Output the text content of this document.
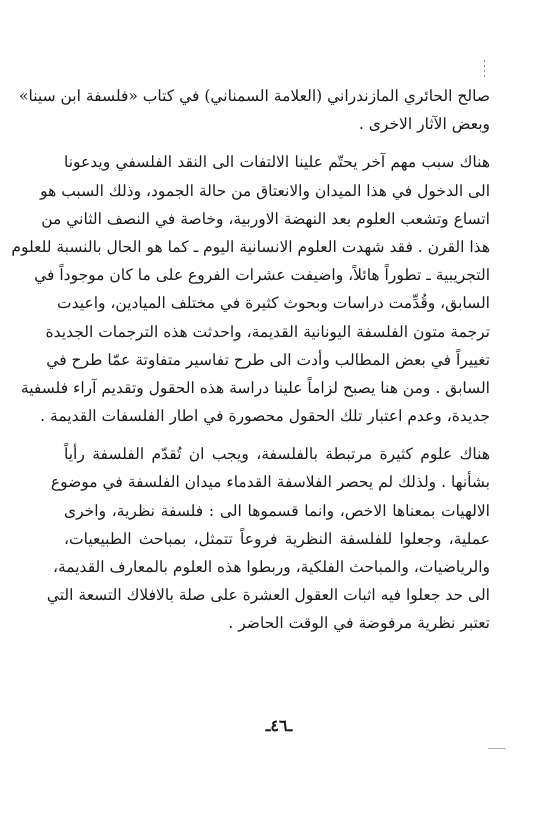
صالح الحائري المازندراني (العلامة السمناني) في كتاب «فلسفة ابن سينا»
وبعض الآثار الاخرى .
هناك سبب مهم آخر يحتّم علينا الالتفات الى النقد الفلسفي ويدعونا
الى الدخول في هذا الميدان والانعتاق من حالة الجمود، وذلك السبب هو
اتساع وتشعب العلوم بعد النهضة الاوربية، وخاصة في النصف الثاني من
هذا القرن . فقد شهدت العلوم الانسانية اليوم ـ كما هو الحال بالنسبة للعلوم
التجريبية ـ تطوراً هائلاً، واضيفت عشرات الفروع على ما كان موجوداً في
السابق، وقُدِّمت دراسات وبحوث كثيرة في مختلف الميادين، واعيدت
ترجمة متون الفلسفة اليونانية القديمة، واحدثت هذه الترجمات الجديدة
تغييراً في بعض المطالب وأدت الى طرح تفاسير متفاوتة عمّا طرح في
السابق . ومن هنا يصبح لزاماً علينا دراسة هذه الحقول وتقديم آراء فلسفية
جديدة، وعدم اعتبار تلك الحقول محصورة في اطار الفلسفات القديمة .
هناك علوم كثيرة مرتبطة بالفلسفة، ويجب ان تُقدّم الفلسفة رأياً
بشأنها . ولذلك لم يحصر الفلاسفة القدماء ميدان الفلسفة في موضوع
الالهيات بمعناها الاخص، وانما قسموها الى : فلسفة نظرية، واخرى
عملية، وجعلوا للفلسفة النظرية فروعاً تتمثل، بمباحث الطبيعيات،
والرياضيات، والمباحث الفلكية، وربطوا هذه العلوم بالمعارف القديمة،
الى حد جعلوا فيه اثبات العقول العشرة على صلة بالافلاك التسعة التي
تعتبر نظرية مرفوضة في الوقت الحاضر .
ـ٤٦ـ
